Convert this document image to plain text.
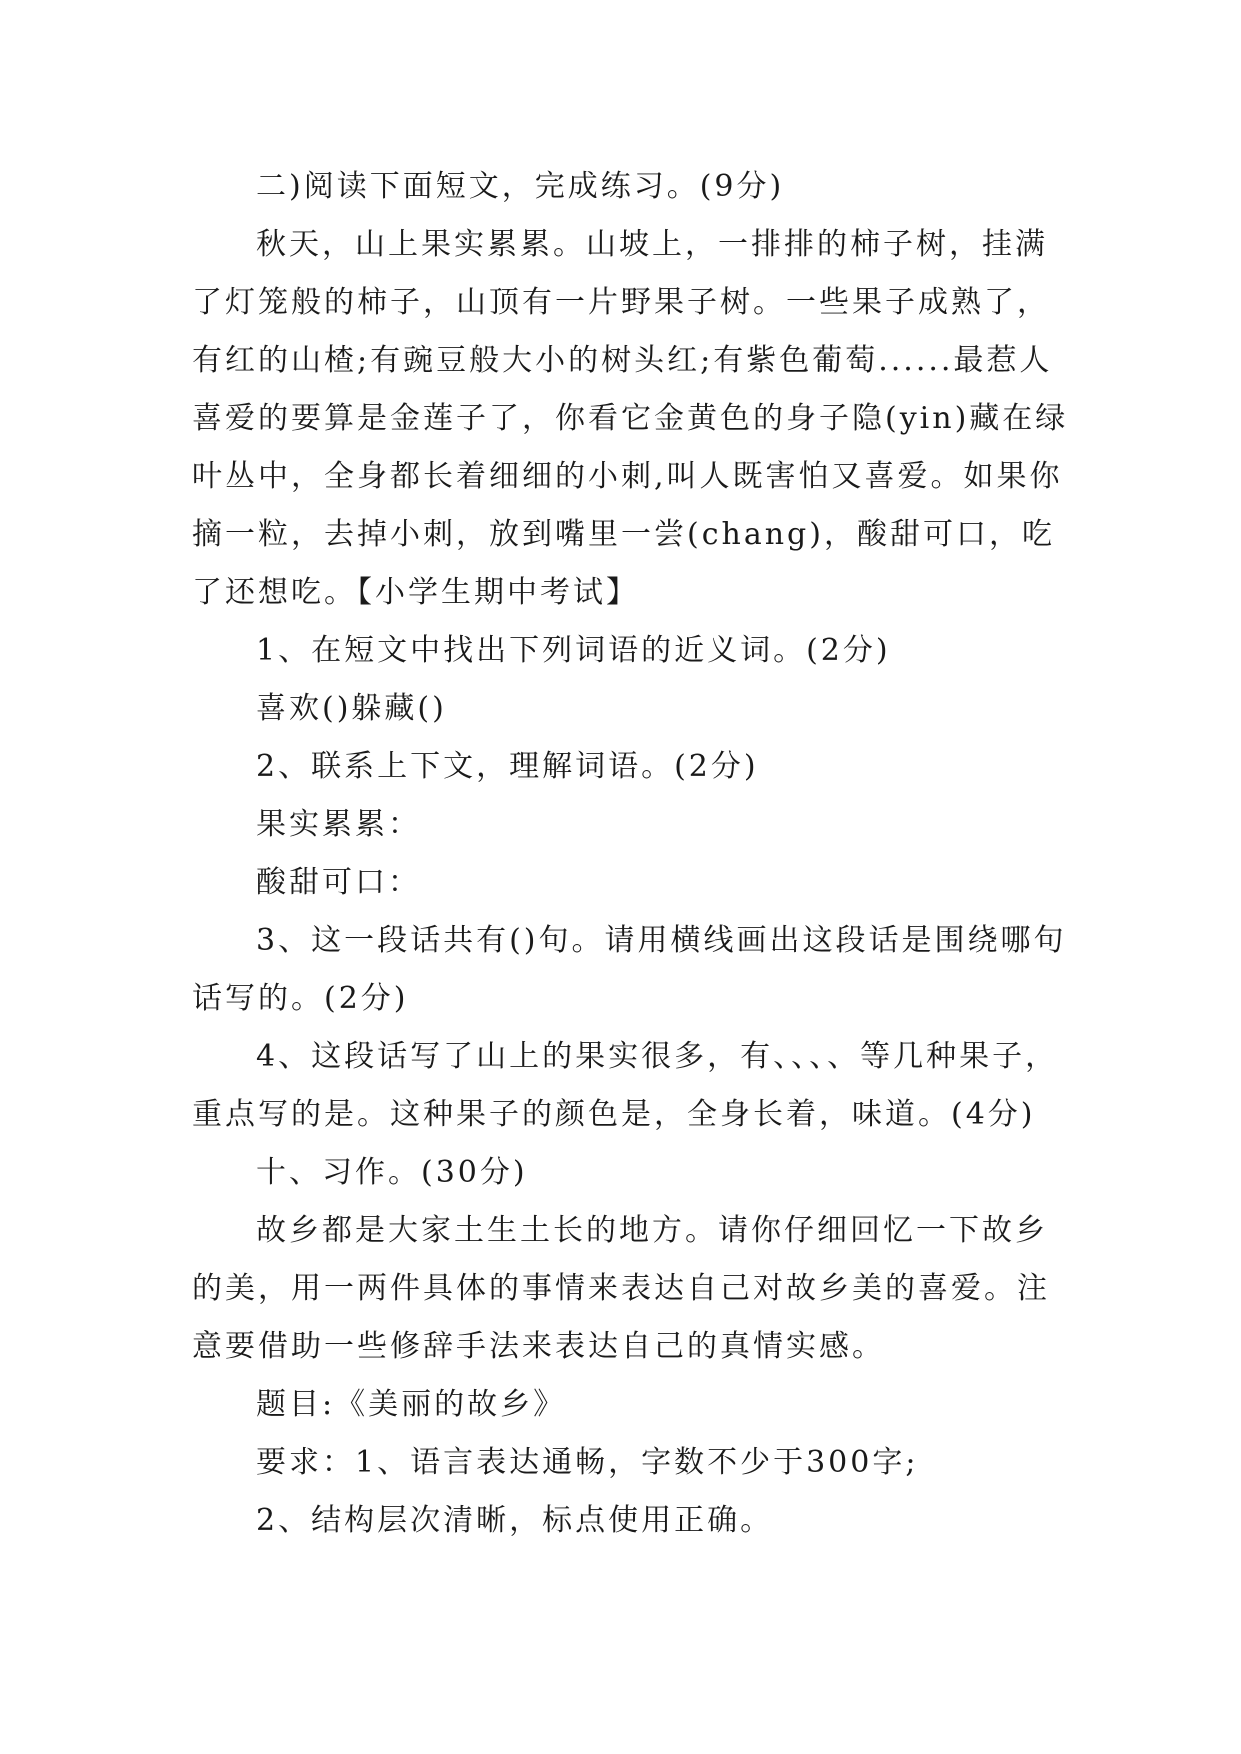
二)阅读下面短文，完成练习。(9分)

秋天，山上果实累累。山坡上，一排排的柿子树，挂满了灯笼般的柿子，山顶有一片野果子树。一些果子成熟了，有红的山楂;有豌豆般大小的树头红;有紫色葡萄......最惹人喜爱的要算是金莲子了，你看它金黄色的身子隐(yin)藏在绿叶丛中，全身都长着细细的小刺,叫人既害怕又喜爱。如果你摘一粒，去掉小刺，放到嘴里一尝(chang)，酸甜可口，吃了还想吃。【小学生期中考试】

1、在短文中找出下列词语的近义词。(2分)

喜欢()躲藏()

2、联系上下文，理解词语。(2分)

果实累累：

酸甜可口：

3、这一段话共有()句。请用横线画出这段话是围绕哪句话写的。(2分)

4、这段话写了山上的果实很多，有、、、、等几种果子，重点写的是。这种果子的颜色是，全身长着，味道。(4分)

十、习作。(30分)

故乡都是大家土生土长的地方。请你仔细回忆一下故乡的美，用一两件具体的事情来表达自己对故乡美的喜爱。注意要借助一些修辞手法来表达自己的真情实感。

题目:《美丽的故乡》

要求：1、语言表达通畅，字数不少于300字;

2、结构层次清晰，标点使用正确。
